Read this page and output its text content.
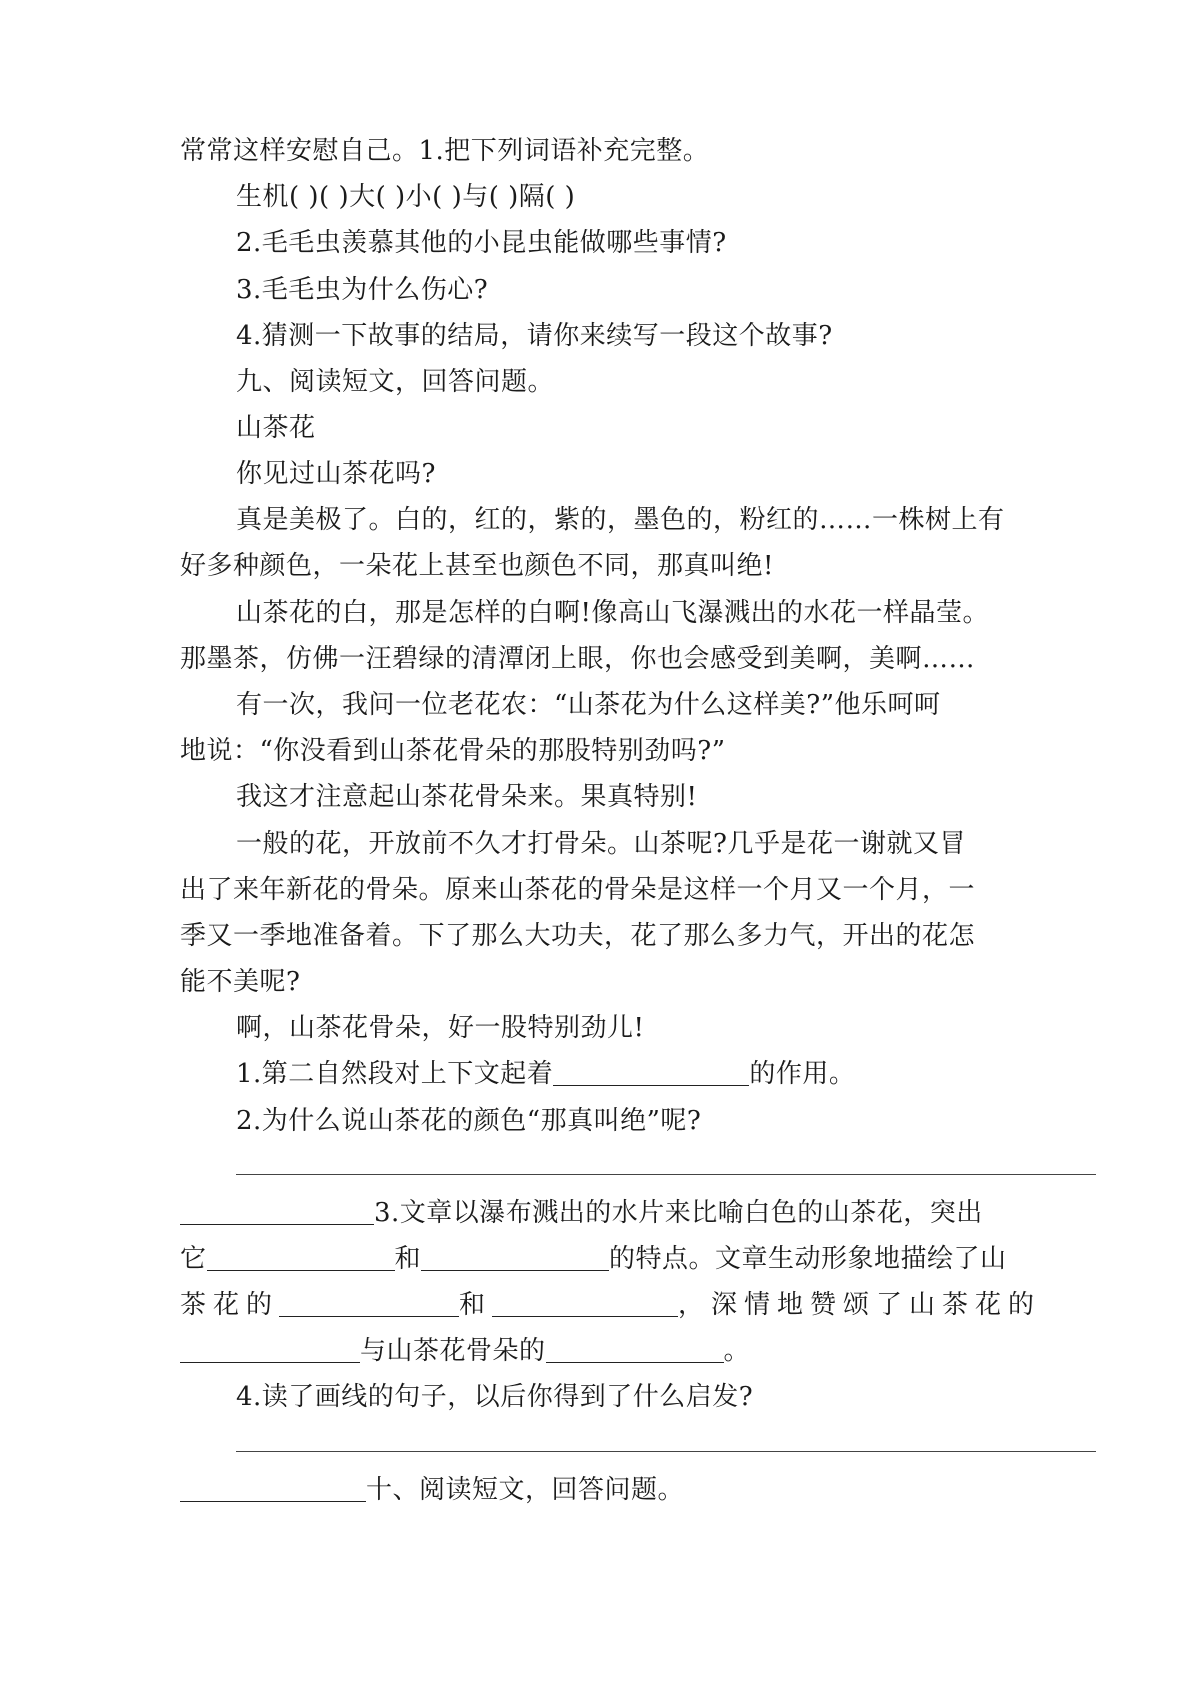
常常这样安慰自己。1.把下列词语补充完整。
生机( )( )大( )小( )与( )隔( )
2.毛毛虫羡慕其他的小昆虫能做哪些事情?
3.毛毛虫为什么伤心?
4.猜测一下故事的结局，请你来续写一段这个故事?
九、阅读短文，回答问题。
山茶花
你见过山茶花吗?
真是美极了。白的，红的，紫的，墨色的，粉红的……一株树上有
好多种颜色，一朵花上甚至也颜色不同，那真叫绝!
山茶花的白，那是怎样的白啊!像高山飞瀑溅出的水花一样晶莹。
那墨茶，仿佛一汪碧绿的清潭闭上眼，你也会感受到美啊，美啊……
有一次，我问一位老花农：“山茶花为什么这样美?”他乐呵呵
地说：“你没看到山茶花骨朵的那股特别劲吗?”
我这才注意起山茶花骨朵来。果真特别!
一般的花，开放前不久才打骨朵。山茶呢?几乎是花一谢就又冒
出了来年新花的骨朵。原来山茶花的骨朵是这样一个月又一个月，一
季又一季地准备着。下了那么大功夫，花了那么多力气，开出的花怎
能不美呢?
啊，山茶花骨朵，好一股特别劲儿!
1.第二自然段对上下文起着	的作用。
2.为什么说山茶花的颜色“那真叫绝”呢?
3.文章以瀑布溅出的水片来比喻白色的山茶花，突出
它	和	的特点。文章生动形象地描绘了山
茶花的	和	，深情地赞颂了山茶花的
与山茶花骨朵的	。
4.读了画线的句子，以后你得到了什么启发?
十、阅读短文，回答问题。
